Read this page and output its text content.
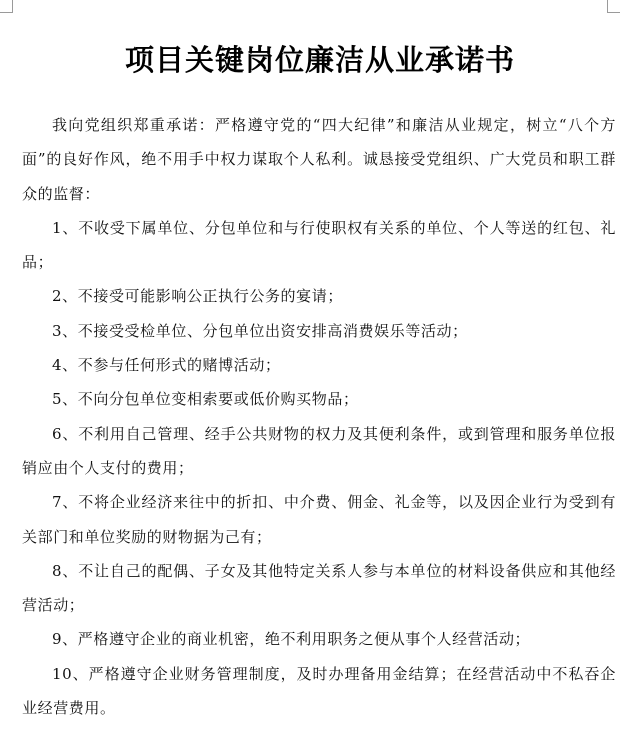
项目关键岗位廉洁从业承诺书

我向党组织郑重承诺：严格遵守党的“四大纪律”和廉洁从业规定，树立“八个方面”的良好作风，绝不用手中权力谋取个人私利。诚恳接受党组织、广大党员和职工群众的监督：

1、不收受下属单位、分包单位和与行使职权有关系的单位、个人等送的红包、礼品；

2、不接受可能影响公正执行公务的宴请；

3、不接受受检单位、分包单位出资安排高消费娱乐等活动；

4、不参与任何形式的赌博活动；

5、不向分包单位变相索要或低价购买物品；

6、不利用自己管理、经手公共财物的权力及其便利条件，或到管理和服务单位报销应由个人支付的费用；

7、不将企业经济来往中的折扣、中介费、佣金、礼金等，以及因企业行为受到有关部门和单位奖励的财物据为己有；

8、不让自己的配偶、子女及其他特定关系人参与本单位的材料设备供应和其他经营活动；

9、严格遵守企业的商业机密，绝不利用职务之便从事个人经营活动；

10、严格遵守企业财务管理制度，及时办理备用金结算；在经营活动中不私吞企业经营费用。
